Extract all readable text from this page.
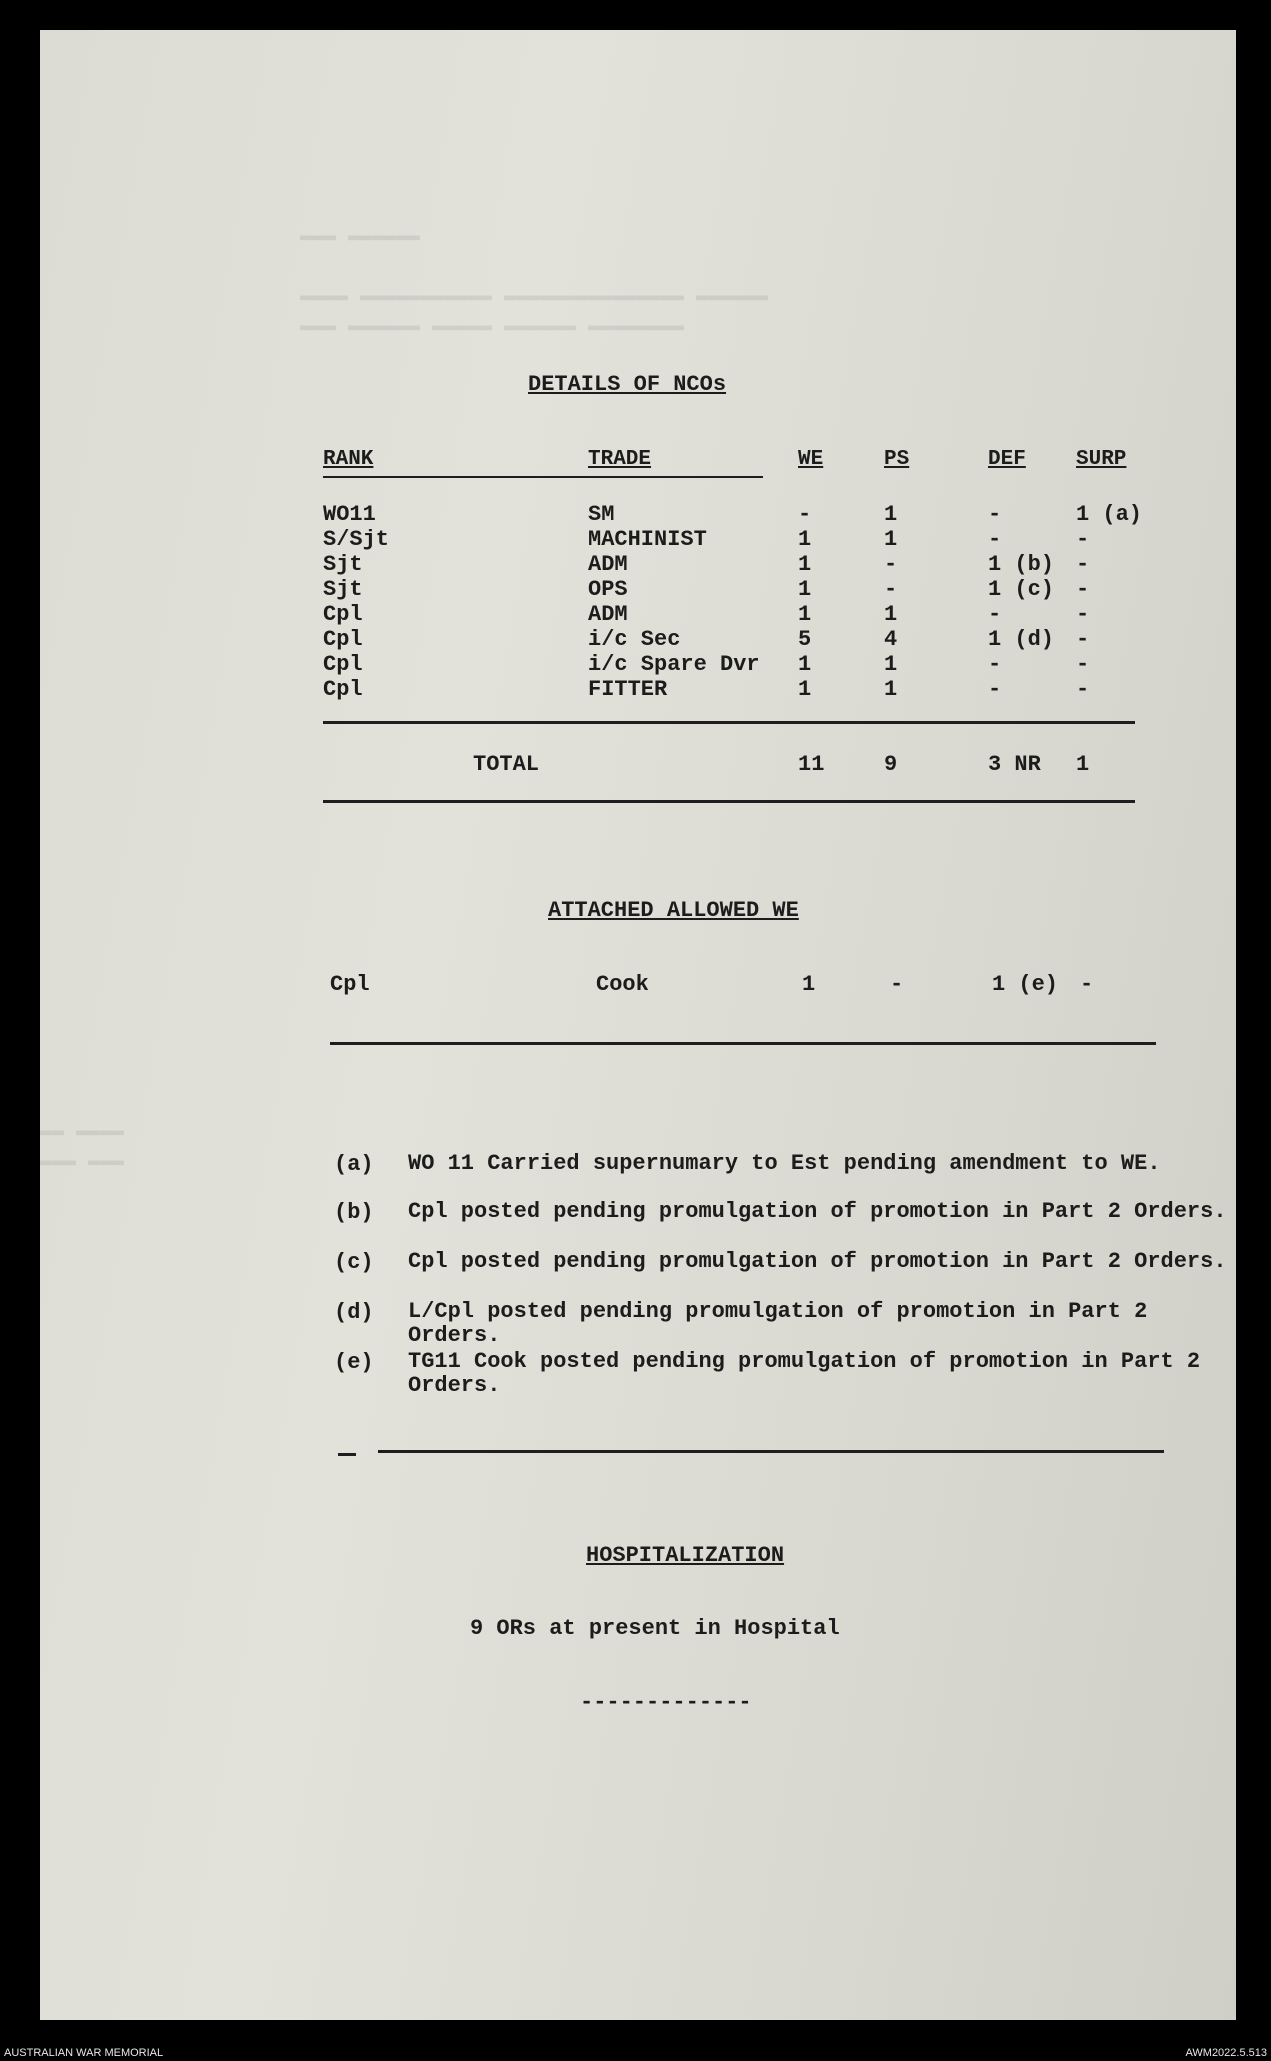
▬▬▬ ▬▬▬▬▬▬
▬▬▬▬ ▬▬▬▬▬▬▬▬▬▬▬ ▬▬▬▬▬▬▬▬▬▬▬▬▬▬▬ ▬▬▬▬▬▬
▬▬▬ ▬▬▬▬▬▬ ▬▬▬▬▬ ▬▬▬▬▬▬ ▬▬▬▬▬▬▬▬
▬▬ ▬▬▬▬
▬▬▬ ▬▬▬
DETAILS OF NCOs
RANK	TRADE	WE	PS	DEF SURP
WO11	SM	-	1	-	1 (a)
S/Sjt	MACHINIST	1	1	-	-
Sjt	ADM	1	-	1 (b) -
Sjt	OPS	1	-	1 (c) -
Cpl	ADM	1	1	-	-
Cpl	i/c Sec	5	4	1 (d) -
Cpl	i/c Spare Dvr 1	1	-	-
Cpl	FITTER	1	1	-	-
TOTAL	11	9	3 NR 1
ATTACHED ALLOWED WE
Cpl	Cook	1	-	1 (e) -
(a) WO 11 Carried supernumary to Est pending amendment to WE.
(b) Cpl posted pending promulgation of promotion in Part 2 Orders.
(c) Cpl posted pending promulgation of promotion in Part 2 Orders.
(d) L/Cpl posted pending promulgation of promotion in Part 2 Orders.
(e) TG11 Cook posted pending promulgation of promotion in Part 2 Orders.
HOSPITALIZATION
9 ORs at present in Hospital
-------------
AUSTRALIAN WAR MEMORIAL	AWM2022.5.513
